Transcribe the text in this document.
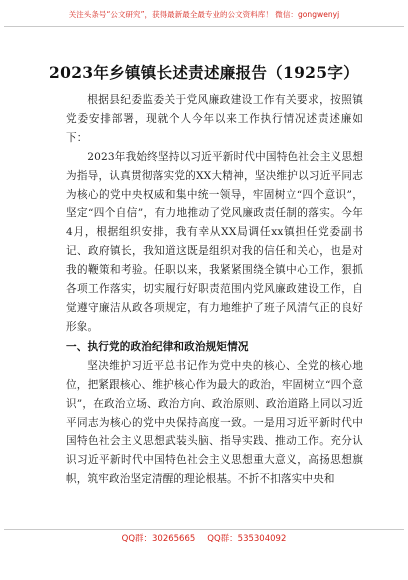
关注头条号“公文研究”，获得最新最全最专业的公文资料库！ 微信：gongwenyj
2023年乡镇镇长述责述廉报告（1925字）

根据县纪委监委关于党风廉政建设工作有关要求，按照镇党委安排部署，现就个人今年以来工作执行情况述责述廉如下：

2023年我始终坚持以习近平新时代中国特色社会主义思想为指导，认真贯彻落实党的XX大精神，坚决维护以习近平同志为核心的党中央权威和集中统一领导，牢固树立“四个意识”，坚定“四个自信”，有力地推动了党风廉政责任制的落实。今年4月，根据组织安排，我有幸从XX局调任xx镇担任党委副书记、政府镇长，我知道这既是组织对我的信任和关心，也是对我的鞭策和考验。任职以来，我紧紧围绕全镇中心工作，狠抓各项工作落实，切实履行好职责范围内党风廉政建设工作，自觉遵守廉洁从政各项规定，有力地维护了班子风清气正的良好形象。

一、执行党的政治纪律和政治规矩情况

坚决维护习近平总书记作为党中央的核心、全党的核心地位，把紧跟核心、维护核心作为最大的政治，牢固树立“四个意识”，在政治立场、政治方向、政治原则、政治道路上同以习近平同志为核心的党中央保持高度一致。一是用习近平新时代中国特色社会主义思想武装头脑、指导实践、推动工作。充分认识习近平新时代中国特色社会主义思想重大意义，高扬思想旗帜，筑牢政治坚定清醒的理论根基。不折不扣落实中央和

QQ群：30265665 QQ群：535304092
